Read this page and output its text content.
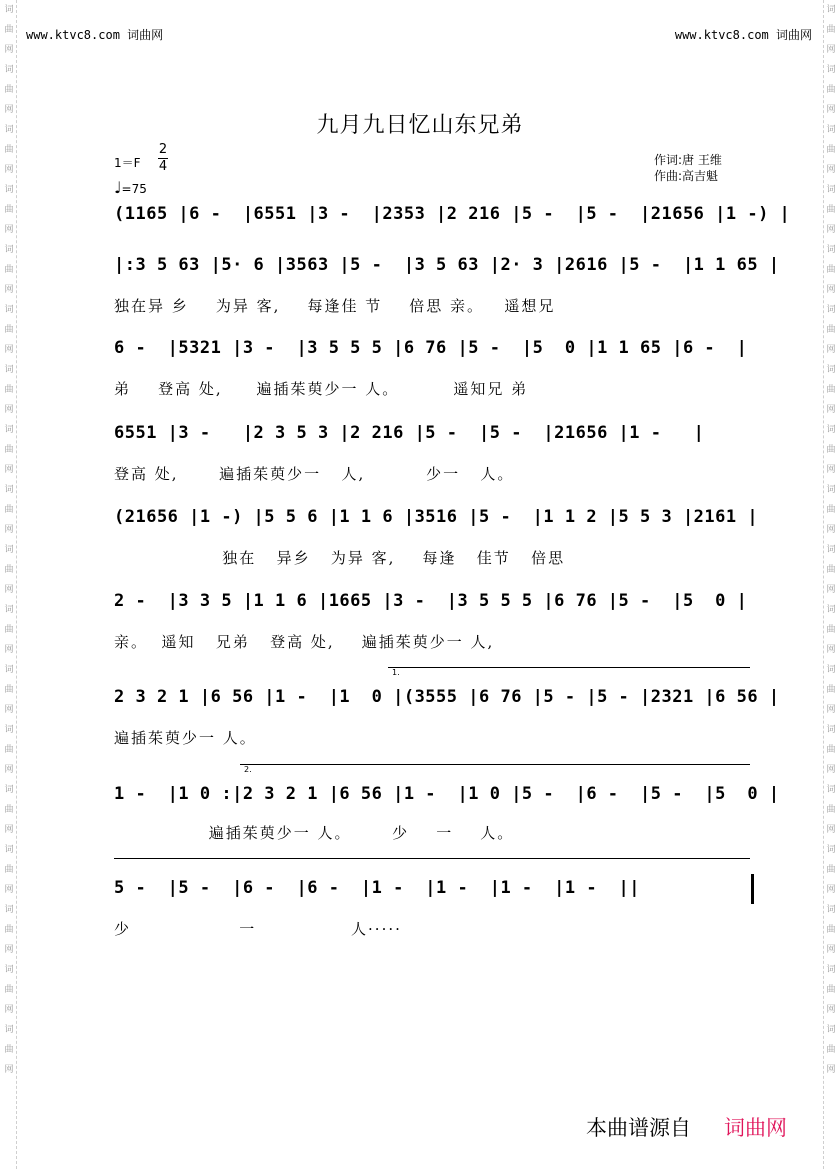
词曲网词曲网词曲网词曲网词曲网词曲网词曲网词曲网词曲网词曲网词曲网词曲网词曲网词曲网词曲网词曲网词曲网词曲网
词曲网词曲网词曲网词曲网词曲网词曲网词曲网词曲网词曲网词曲网词曲网词曲网词曲网词曲网词曲网词曲网词曲网词曲网
www.ktvc8.com 词曲网	www.ktvc8.com 词曲网
九月九日忆山东兄弟
1＝F
2
4
♩=75
作词:唐 王维
作曲:高吉魁
(1165 |6 -  |6551 |3 -  |2353 |2 216 |5 -  |5 -  |21656 |1 -) |
|:3 5 63 |5· 6 |3563 |5 -  |3 5 63 |2· 3 |2616 |5 -  |1 1 65 |
独在异 乡    为异 客,    每逢佳 节    倍思 亲。   遥想兄
6 -  |5321 |3 -  |3 5 5 5 |6 76 |5 -  |5  0 |1 1 65 |6 -  |
弟    登高 处,     遍插茱萸少一 人。        遥知兄 弟
6551 |3 -   |2 3 5 3 |2 216 |5 -  |5 -  |21656 |1 -   |
登高 处,      遍插茱萸少一   人,         少一   人。
(21656 |1 -) |5 5 6 |1 1 6 |3516 |5 -  |1 1 2 |5 5 3 |2161 |
独在   异乡   为异 客,    每逢   佳节   倍思
2 -  |3 3 5 |1 1 6 |1665 |3 -  |3 5 5 5 |6 76 |5 -  |5  0 |
亲。  遥知   兄弟   登高 处,    遍插茱萸少一 人,
1.
2 3 2 1 |6 56 |1 -  |1  0 |(3555 |6 76 |5 - |5 - |2321 |6 56 |
遍插茱萸少一 人。
2.
1 -  |1 0 :|2 3 2 1 |6 56 |1 -  |1 0 |5 -  |6 -  |5 -  |5  0 |
遍插茱萸少一 人。      少    一    人。
5 -  |5 -  |6 -  |6 -  |1 -  |1 -  |1 -  |1 -  ||
少                一              人·····
本曲谱源自 词曲网
